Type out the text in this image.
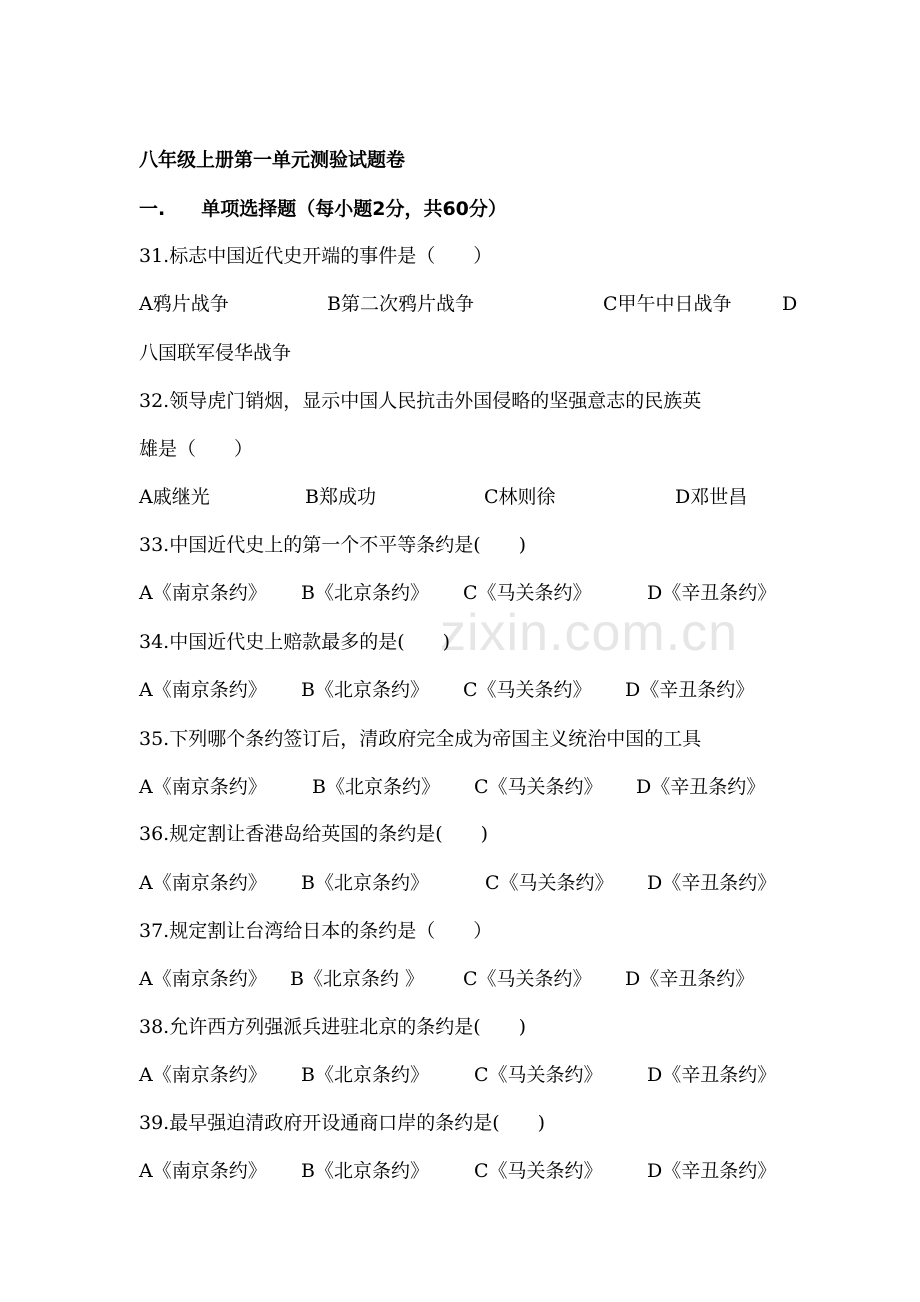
zixin.com.cn
八年级上册第一单元测验试题卷
一. 单项选择题（每小题2分，共60分）
31.标志中国近代史开端的事件是（　　）
A鸦片战争	B第二次鸦片战争	C甲午中日战争	D
八国联军侵华战争
32.领导虎门销烟，显示中国人民抗击外国侵略的坚强意志的民族英
雄是（　　）
A戚继光	B郑成功	C林则徐	D邓世昌
33.中国近代史上的第一个不平等条约是(　　)
A《南京条约》 B《北京条约》 C《马关条约》	D《辛丑条约》
34.中国近代史上赔款最多的是(　　)
A《南京条约》 B《北京条约》 C《马关条约》 D《辛丑条约》
35.下列哪个条约签订后，清政府完全成为帝国主义统治中国的工具
A《南京条约》 B《北京条约》 C《马关条约》 D《辛丑条约》
36.规定割让香港岛给英国的条约是(　　)
A《南京条约》 B《北京条约》	C《马关条约》 D《辛丑条约》
37.规定割让台湾给日本的条约是（　　）
A《南京条约》 B《北京条约 》 C《马关条约》 D《辛丑条约》
38.允许西方列强派兵进驻北京的条约是(　　)
A《南京条约》 B《北京条约》 C《马关条约》 D《辛丑条约》
39.最早强迫清政府开设通商口岸的条约是(　　)
A《南京条约》 B《北京条约》 C《马关条约》 D《辛丑条约》
